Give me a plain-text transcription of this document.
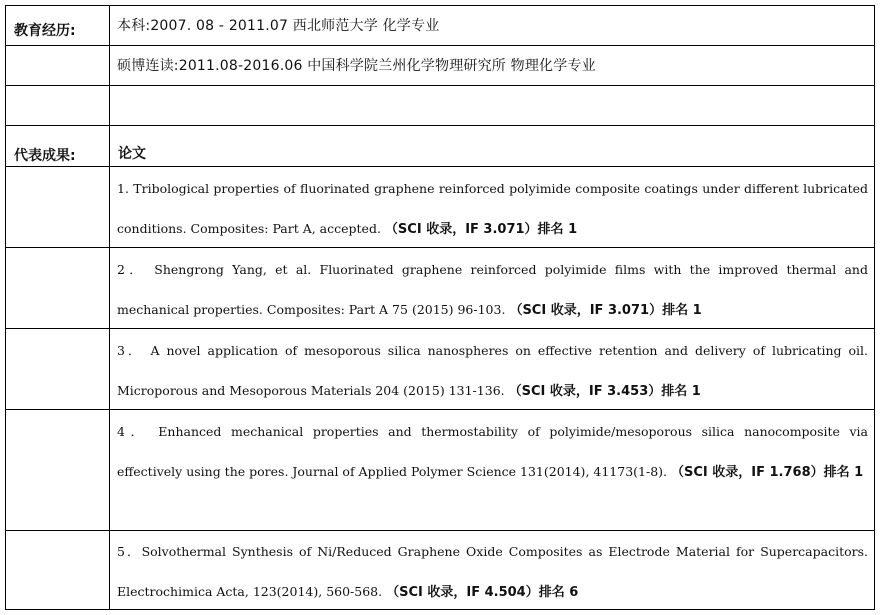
教育经历:	本科:2007. 08 - 2011.07 西北师范大学 化学专业
硕博连读:2011.08-2016.06 中国科学院兰州化学物理研究所 物理化学专业
代表成果:	论文
1. Tribological properties of fluorinated graphene reinforced polyimide composite coatings under different lubricated conditions. Composites: Part A, accepted. （SCI 收录，IF 3.071）排名 1
2． Shengrong Yang, et al. Fluorinated graphene reinforced polyimide films with the improved thermal and mechanical properties. Composites: Part A 75 (2015) 96-103. （SCI 收录，IF 3.071）排名 1
3． A novel application of mesoporous silica nanospheres on effective retention and delivery of lubricating oil. Microporous and Mesoporous Materials 204 (2015) 131-136. （SCI 收录，IF 3.453）排名 1
4． Enhanced mechanical properties and thermostability of polyimide/mesoporous silica nanocomposite via effectively using the pores. Journal of Applied Polymer Science 131(2014), 41173(1-8). （SCI 收录，IF 1.768）排名 1
5．Solvothermal Synthesis of Ni/Reduced Graphene Oxide Composites as Electrode Material for Supercapacitors. Electrochimica Acta, 123(2014), 560-568. （SCI 收录，IF 4.504）排名 6
